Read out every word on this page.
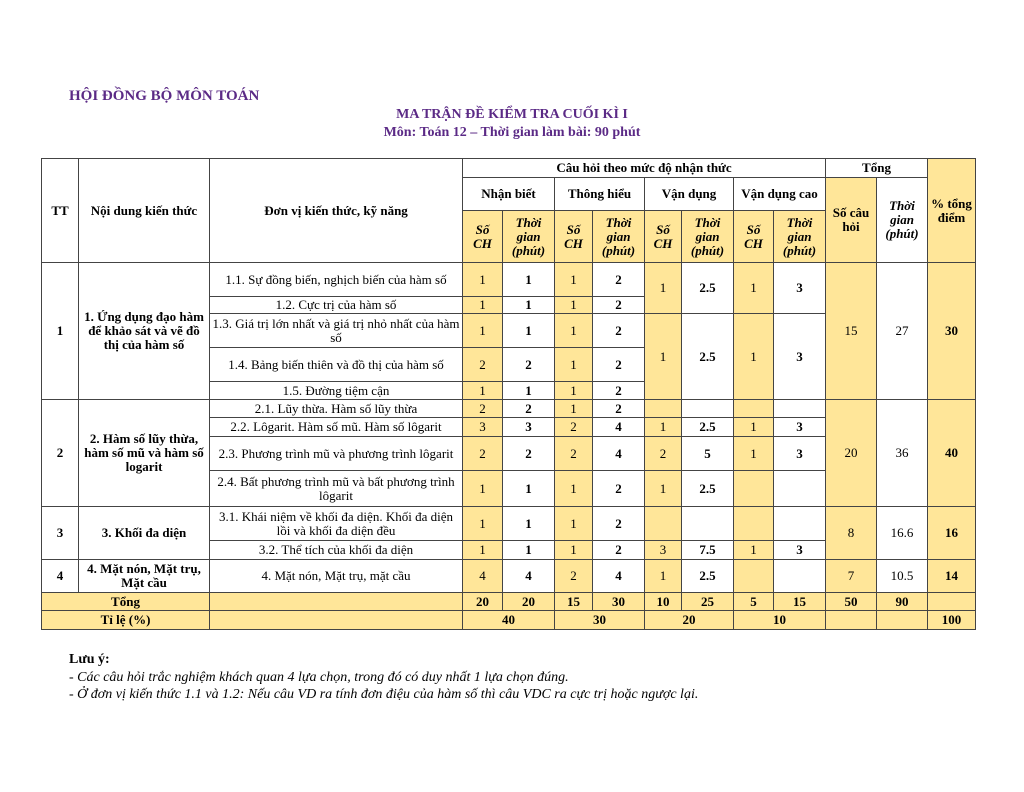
HỘI ĐỒNG BỘ MÔN TOÁN
MA TRẬN ĐỀ KIỂM TRA CUỐI KÌ I
Môn: Toán 12 – Thời gian làm bài: 90 phút
TT	Nội dung kiến thức	Đơn vị kiến thức, kỹ năng	Câu hỏi theo mức độ nhận thức								Tổng		% tổng điểm
			Nhận biết		Thông hiểu		Vận dụng		Vận dụng cao		Số câu hỏi	Thời gian (phút)	
			Số CH	Thời gian (phút)	Số CH	Thời gian (phút)	Số CH	Thời gian (phút)	Số CH	Thời gian (phút)			
1	1. Ứng dụng đạo hàm để khảo sát và vẽ đồ thị của hàm số	1.1. Sự đồng biến, nghịch biến của hàm số	1	1	1	2	1	2.5	1	3	15	27	30
		1.2. Cực trị của hàm số	1	1	1	2							
		1.3. Giá trị lớn nhất và giá trị nhỏ nhất của hàm số	1	1	1	2	1	2.5	1	3			
		1.4. Bảng biến thiên và đồ thị của hàm số	2	2	1	2							
		1.5. Đường tiệm cận	1	1	1	2							
2	2. Hàm số lũy thừa, hàm số mũ và hàm số logarit	2.1. Lũy thừa. Hàm số lũy thừa	2	2	1	2					20	36	40
		2.2. Lôgarit. Hàm số mũ. Hàm số lôgarit	3	3	2	4	1	2.5	1	3			
		2.3. Phương trình mũ và phương trình lôgarit	2	2	2	4	2	5	1	3			
		2.4. Bất phương trình mũ và bất phương trình lôgarit	1	1	1	2	1	2.5					
3	3. Khối đa diện	3.1. Khái niệm về khối đa diện. Khối đa diện lồi và khối đa diện đều	1	1	1	2					8	16.6	16
		3.2. Thể tích của khối đa diện	1	1	1	2	3	7.5	1	3			
4	4. Mặt nón, Mặt trụ, Mặt cầu	4. Mặt nón, Mặt trụ, mặt cầu	4	4	2	4	1	2.5			7	10.5	14
Tổng			20	20	15	30	10	25	5	15	50	90	
Tỉ lệ (%)			40		30		20		10				100
Lưu ý:
- Các câu hỏi trắc nghiệm khách quan 4 lựa chọn, trong đó có duy nhất 1 lựa chọn đúng.
- Ở đơn vị kiến thức 1.1 và 1.2: Nếu câu VD ra tính đơn điệu của hàm số thì câu VDC ra cực trị hoặc ngược lại.
